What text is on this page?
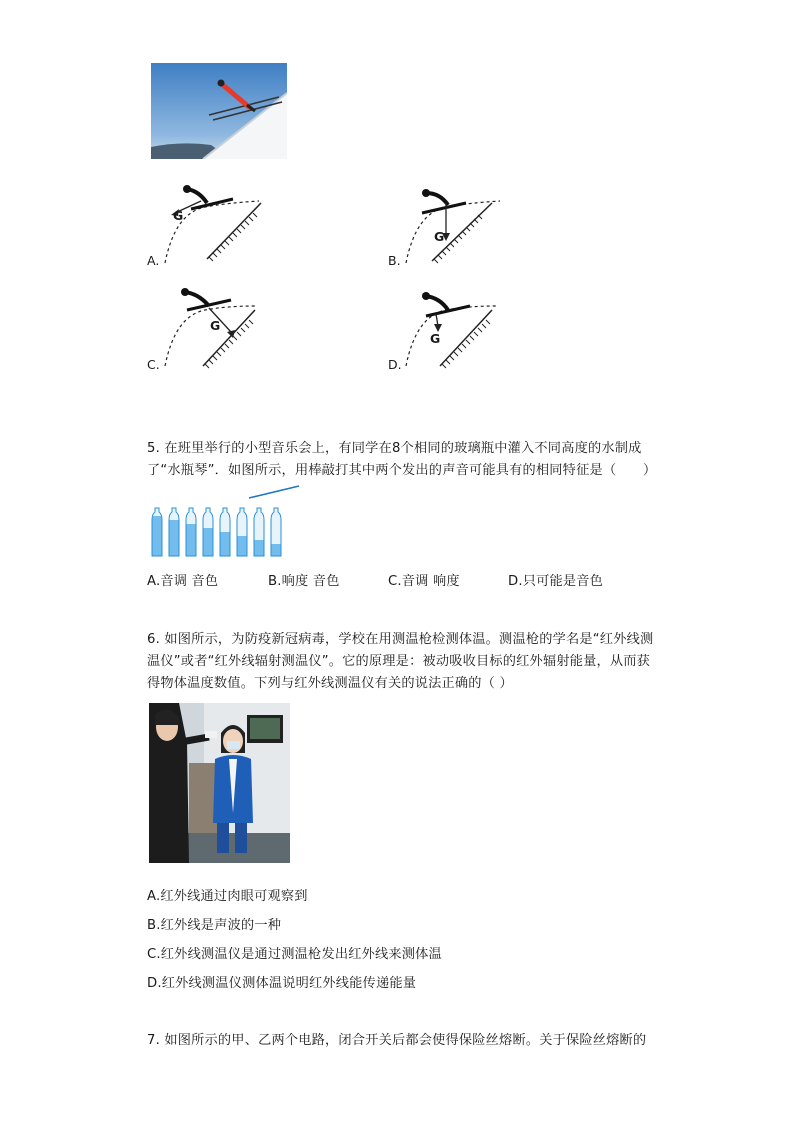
A.
G
B.
G
C.
G
D.
G
5. 在班里举行的小型音乐会上，有同学在8个相同的玻璃瓶中灌入不同高度的水制成
了“水瓶琴”．如图所示，用棒敲打其中两个发出的声音可能具有的相同特征是（　　）
A.音调 音色	B.响度 音色	C.音调 响度	D.只可能是音色
6. 如图所示，为防疫新冠病毒，学校在用测温枪检测体温。测温枪的学名是“红外线测
温仪”或者“红外线辐射测温仪”。它的原理是：被动吸收目标的红外辐射能量，从而获
得物体温度数值。下列与红外线测温仪有关的说法正确的（ ）
A.红外线通过肉眼可观察到
B.红外线是声波的一种
C.红外线测温仪是通过测温枪发出红外线来测体温
D.红外线测温仪测体温说明红外线能传递能量
7. 如图所示的甲、乙两个电路，闭合开关后都会使得保险丝熔断。关于保险丝熔断的
